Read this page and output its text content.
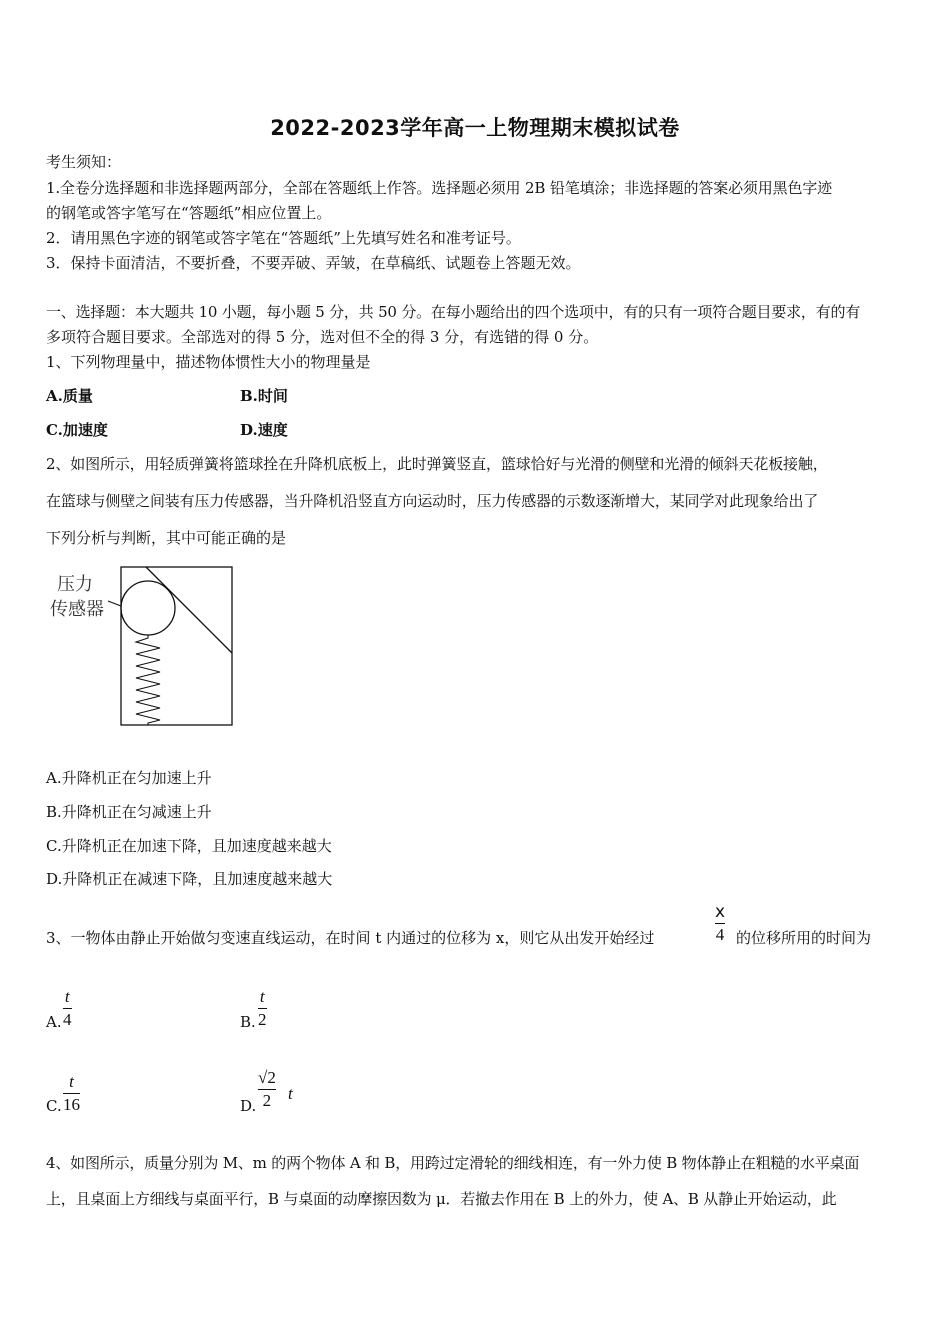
2022-2023学年高一上物理期末模拟试卷
考生须知：
1.全卷分选择题和非选择题两部分，全部在答题纸上作答。选择题必须用 2B 铅笔填涂；非选择题的答案必须用黑色字迹
的钢笔或答字笔写在“答题纸”相应位置上。
2．请用黑色字迹的钢笔或答字笔在“答题纸”上先填写姓名和准考证号。
3．保持卡面清洁，不要折叠，不要弄破、弄皱，在草稿纸、试题卷上答题无效。
一、选择题：本大题共 10 小题，每小题 5 分，共 50 分。在每小题给出的四个选项中，有的只有一项符合题目要求，有的有
多项符合题目要求。全部选对的得 5 分，选对但不全的得 3 分，有选错的得 0 分。
1、下列物理量中，描述物体惯性大小的物理量是
A.质量	B.时间
C.加速度	D.速度
2、如图所示，用轻质弹簧将篮球拴在升降机底板上，此时弹簧竖直，篮球恰好与光滑的侧壁和光滑的倾斜天花板接触，
在篮球与侧壁之间装有压力传感器，当升降机沿竖直方向运动时，压力传感器的示数逐渐增大，某同学对此现象给出了
下列分析与判断，其中可能正确的是
压力
传感器
A.升降机正在匀加速上升
B.升降机正在匀减速上升
C.升降机正在加速下降，且加速度越来越大
D.升降机正在减速下降，且加速度越来越大
3、一物体由静止开始做匀变速直线运动，在时间 t 内通过的位移为 x，则它从出发开始经过
x
4 的位移所用的时间为
A.
t
4	B.
t
2
C.
t
16	D.
√2
2 t
4、如图所示，质量分别为 M、m 的两个物体 A 和 B，用跨过定滑轮的细线相连，有一外力使 B 物体静止在粗糙的水平桌面
上，且桌面上方细线与桌面平行，B 与桌面的动摩擦因数为 μ．若撤去作用在 B 上的外力，使 A、B 从静止开始运动，此
